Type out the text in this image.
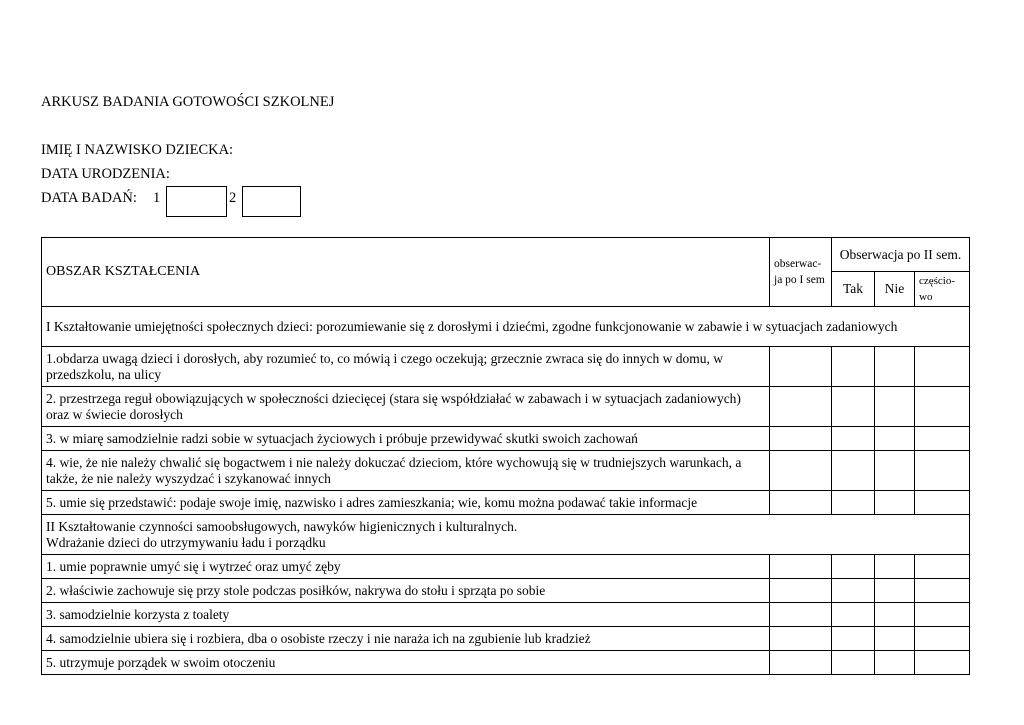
ARKUSZ BADANIA GOTOWOŚCI SZKOLNEJ
IMIĘ I NAZWISKO DZIECKA:
DATA URODZENIA:
DATA BADAŃ: 1	2
OBSZAR KSZTAŁCENIA	obserwac-ja po I sem	Obserwacja po II sem.		
		Tak	Nie	częścio-wo
I Kształtowanie umiejętności społecznych dzieci: porozumiewanie się z dorosłymi i dziećmi, zgodne funkcjonowanie w zabawie i w sytuacjach zadaniowych				
1.obdarza uwagą dzieci i dorosłych, aby rozumieć to, co mówią i czego oczekują; grzecznie zwraca się do innych w domu, w przedszkolu, na ulicy				
2. przestrzega reguł obowiązujących w społeczności dziecięcej (stara się współdziałać w zabawach i w sytuacjach zadaniowych) oraz w świecie dorosłych				
3. w miarę samodzielnie radzi sobie w sytuacjach życiowych i próbuje przewidywać skutki swoich zachowań				
4. wie, że nie należy chwalić się bogactwem i nie należy dokuczać dzieciom, które wychowują się w trudniejszych warunkach, a także, że nie należy wyszydzać i szykanować innych				
5. umie się przedstawić: podaje swoje imię, nazwisko i adres zamieszkania; wie, komu można podawać takie informacje				
II Kształtowanie czynności samoobsługowych, nawyków higienicznych i kulturalnych.
Wdrażanie dzieci do utrzymywaniu ładu i porządku				
1. umie poprawnie umyć się i wytrzeć oraz umyć zęby				
2. właściwie zachowuje się przy stole podczas posiłków, nakrywa do stołu i sprząta po sobie				
3. samodzielnie korzysta z toalety				
4. samodzielnie ubiera się i rozbiera, dba o osobiste rzeczy i nie naraża ich na zgubienie lub kradzież				
5. utrzymuje porządek w swoim otoczeniu				
